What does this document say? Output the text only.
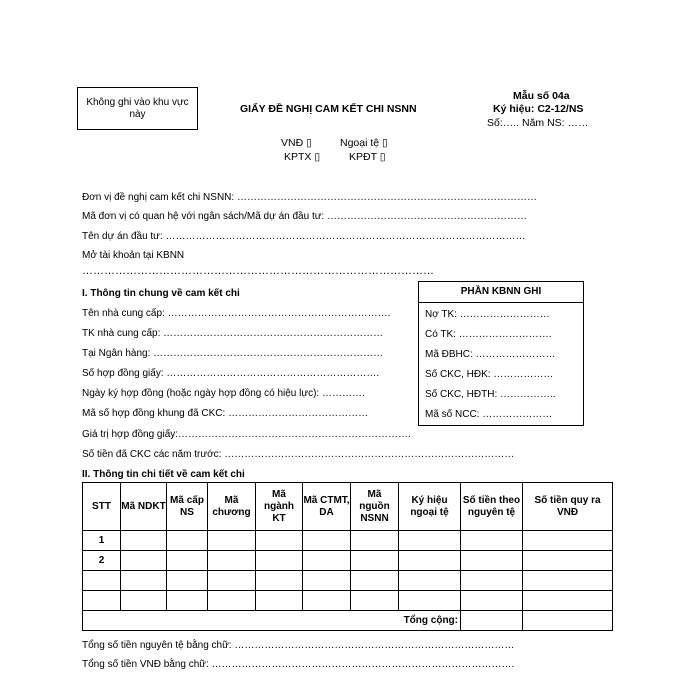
Không ghi vào khu vực này	GIẤY ĐỀ NGHỊ CAM KẾT CHI NSNN
Mẫu số 04a
Ký hiệu: C2-12/NS
Số:….. Năm NS: ……
VNĐ ▯	Ngoại tệ ▯
KPTX ▯	KPĐT ▯
Đơn vị đề nghị cam kết chi NSNN: ………………………………………………………………………………
Mã đơn vị có quan hệ với ngân sách/Mã dự án đầu tư: ……………………………………………………
Tên dự án đầu tư: ………………………………………………………………………………………………
Mở tài khoản tại KBNN
……………………………………………………………………………………
I. Thông tin chung về cam kết chi
Tên nhà cung cấp: ………………………………………………………….
TK nhà cung cấp: …………………………………………………………
Tại Ngân hàng: ……………………………………………………………
Số hợp đồng giấy: ……………………………………………………….
Ngày ký hợp đồng (hoặc ngày hợp đồng có hiệu lực): ………….
Mã số hợp đồng khung đã CKC: ……………………………………
Giá trị hợp đồng giấy:…………………………………………………………….
Số tiền đã CKC các năm trước: ……………………………………………………………………………
PHẦN KBNN GHI
Nợ TK: ………………………
Có TK: ……………………….
Mã ĐBHC: ……………………
Số CKC, HĐK: ………………
Số CKC, HĐTH: ……………..
Mã số NCC: …………………
II. Thông tin chi tiết về cam kết chi
STT	Mã NDKT	Mã cấp NS	Mã chương	Mã ngành KT	Mã CTMT, DA	Mã nguồn NSNN	Ký hiệu ngoại tệ	Số tiền theo nguyên tệ	Số tiền quy ra VNĐ
1									
2									

Tổng cộng:									
Tổng số tiền nguyên tệ bằng chữ: …………………………………………………………………………
Tổng số tiền VNĐ bằng chữ: ……………………………………………………………………………….
